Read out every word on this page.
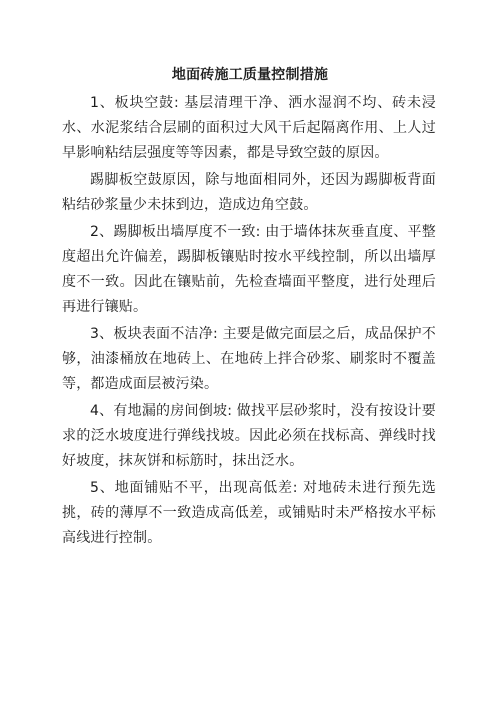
地面砖施工质量控制措施

1、板块空鼓: 基层清理干净、洒水湿润不均、砖未浸水、水泥浆结合层刷的面积过大风干后起隔离作用、上人过早影响粘结层强度等等因素，都是导致空鼓的原因。

踢脚板空鼓原因，除与地面相同外，还因为踢脚板背面粘结砂浆量少未抹到边，造成边角空鼓。

2、踢脚板出墙厚度不一致: 由于墙体抹灰垂直度、平整度超出允许偏差，踢脚板镶贴时按水平线控制，所以出墙厚度不一致。因此在镶贴前，先检查墙面平整度，进行处理后再进行镶贴。

3、板块表面不洁净: 主要是做完面层之后，成品保护不够，油漆桶放在地砖上、在地砖上拌合砂浆、刷浆时不覆盖等，都造成面层被污染。

4、有地漏的房间倒坡: 做找平层砂浆时，没有按设计要求的泛水坡度进行弹线找坡。因此必须在找标高、弹线时找好坡度，抹灰饼和标筋时，抹出泛水。

5、地面铺贴不平，出现高低差: 对地砖未进行预先选挑，砖的薄厚不一致造成高低差，或铺贴时未严格按水平标高线进行控制。
